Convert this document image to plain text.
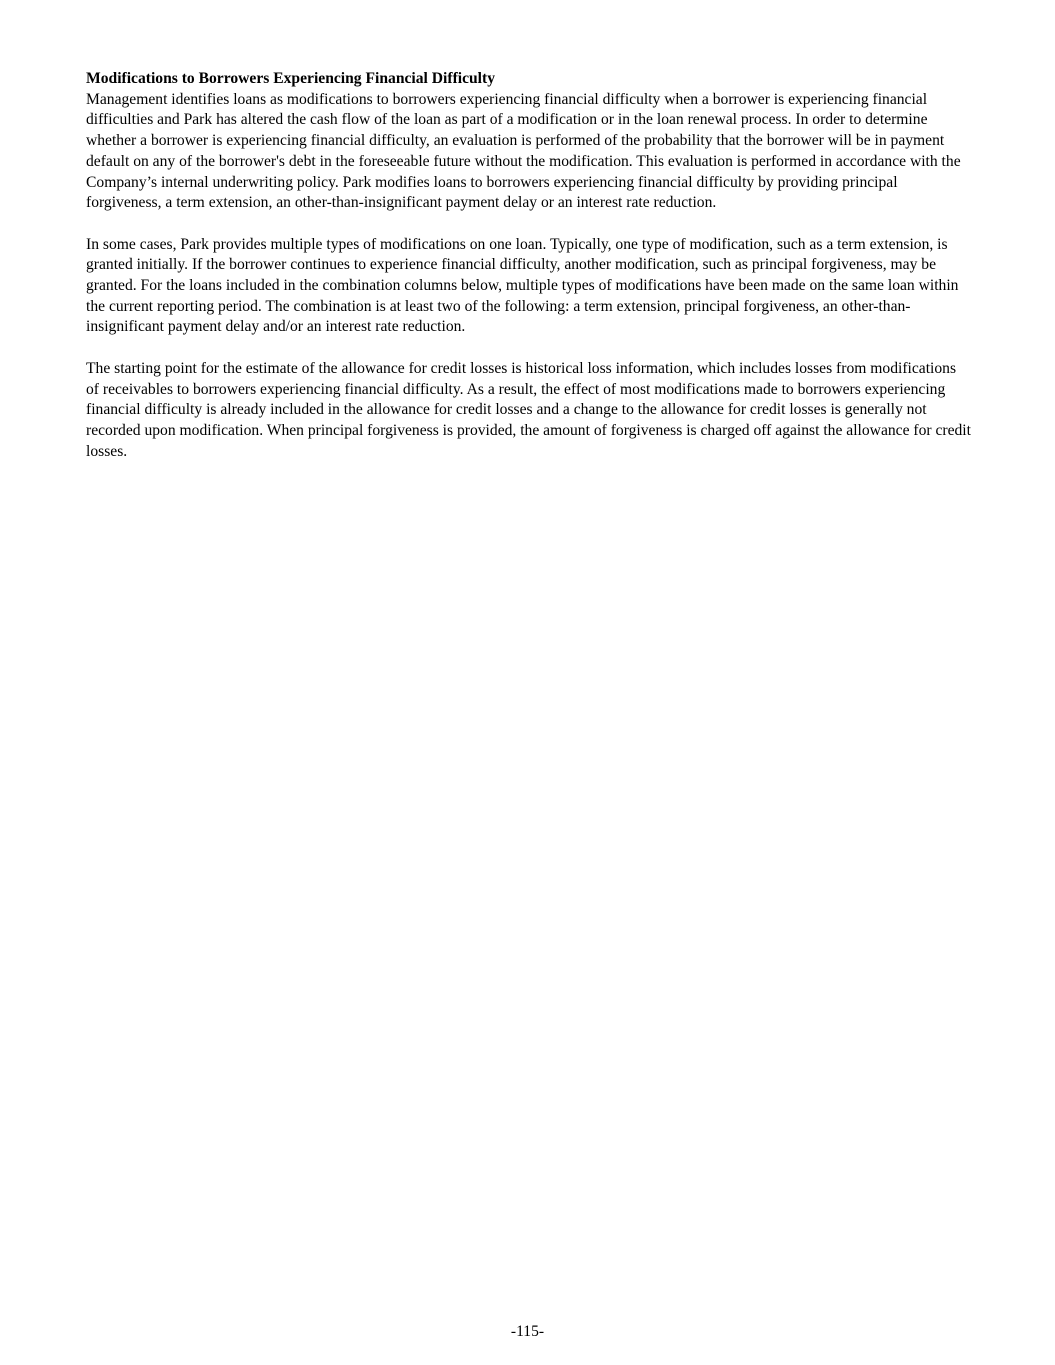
Modifications to Borrowers Experiencing Financial Difficulty

Management identifies loans as modifications to borrowers experiencing financial difficulty when a borrower is experiencing financial difficulties and Park has altered the cash flow of the loan as part of a modification or in the loan renewal process. In order to determine whether a borrower is experiencing financial difficulty, an evaluation is performed of the probability that the borrower will be in payment default on any of the borrower's debt in the foreseeable future without the modification. This evaluation is performed in accordance with the Company’s internal underwriting policy. Park modifies loans to borrowers experiencing financial difficulty by providing principal forgiveness, a term extension, an other-than-insignificant payment delay or an interest rate reduction.

In some cases, Park provides multiple types of modifications on one loan. Typically, one type of modification, such as a term extension, is granted initially. If the borrower continues to experience financial difficulty, another modification, such as principal forgiveness, may be granted. For the loans included in the combination columns below, multiple types of modifications have been made on the same loan within the current reporting period. The combination is at least two of the following: a term extension, principal forgiveness, an other-than-insignificant payment delay and/or an interest rate reduction.

The starting point for the estimate of the allowance for credit losses is historical loss information, which includes losses from modifications of receivables to borrowers experiencing financial difficulty. As a result, the effect of most modifications made to borrowers experiencing financial difficulty is already included in the allowance for credit losses and a change to the allowance for credit losses is generally not recorded upon modification. When principal forgiveness is provided, the amount of forgiveness is charged off against the allowance for credit losses.

-115-
